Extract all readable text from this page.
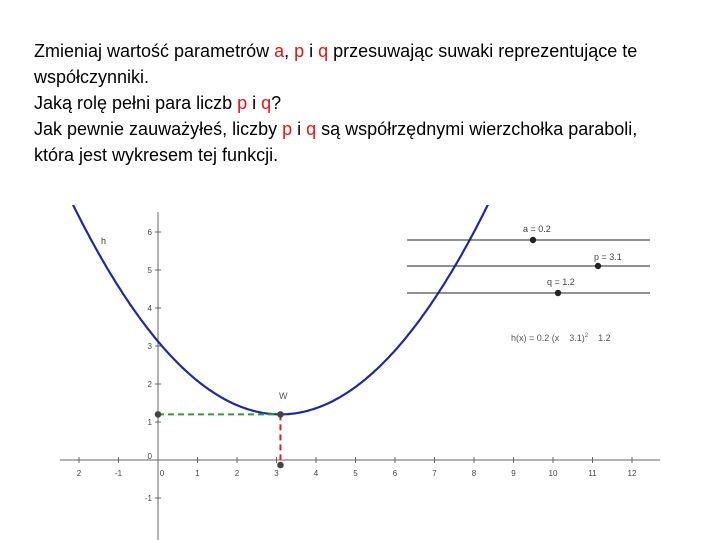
Zmieniaj wartość parametrów a, p i q przesuwając suwaki reprezentujące te

współczynniki.

Jaką rolę pełni para liczb p i q?

Jak pewnie zauważyłeś, liczby p i q są współrzędnymi wierzchołka paraboli,

która jest wykresem tej funkcji.

2	-1	0	1	2	3	4	5	6	7	8	9	10	11	12
6
5
4
3
2
1
0
-1
h
W
a = 0.2
p = 3.1
q = 1.2
h(x) = 0.2 (x 3.1)$^2$ 1.2
